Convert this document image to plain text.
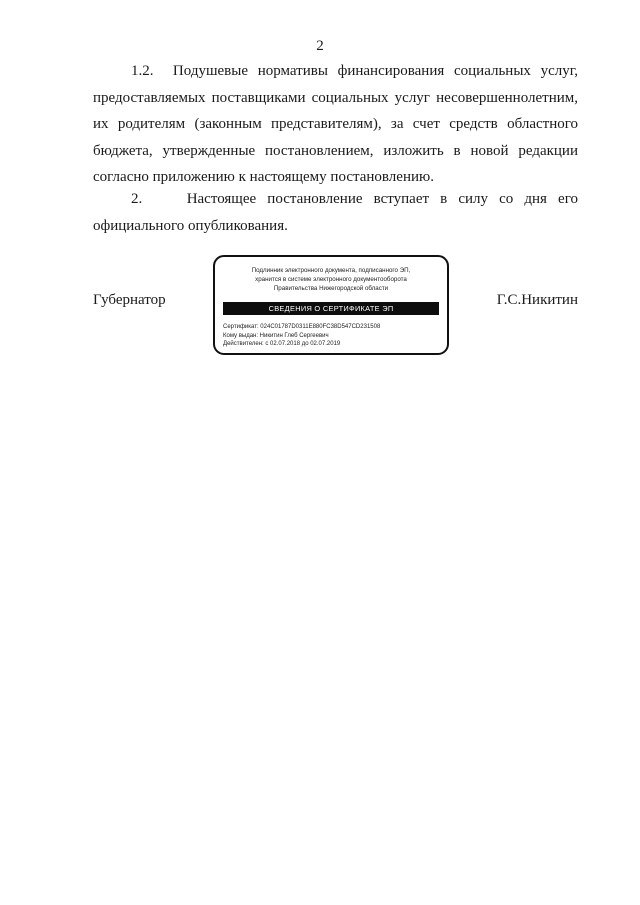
2

1.2.  Подушевые нормативы финансирования социальных услуг, предоставляемых поставщиками социальных услуг несовершеннолетним, их родителям (законным представителям), за счет средств областного бюджета, утвержденные постановлением, изложить в новой редакции согласно приложению к настоящему постановлению.

2.    Настоящее постановление вступает в силу со дня его официального опубликования.

Губернатор
Подлинник электронного документа, подписанного ЭП,
хранится в системе электронного документооборота
Правительства Нижегородской области
СВЕДЕНИЯ О СЕРТИФИКАТЕ ЭП
Сертификат: 024C01787D0311E880FC38D547CD231508
Кому выдан: Никитин Глеб Сергеевич
Действителен: с 02.07.2018 до 02.07.2019
Г.С.Никитин
